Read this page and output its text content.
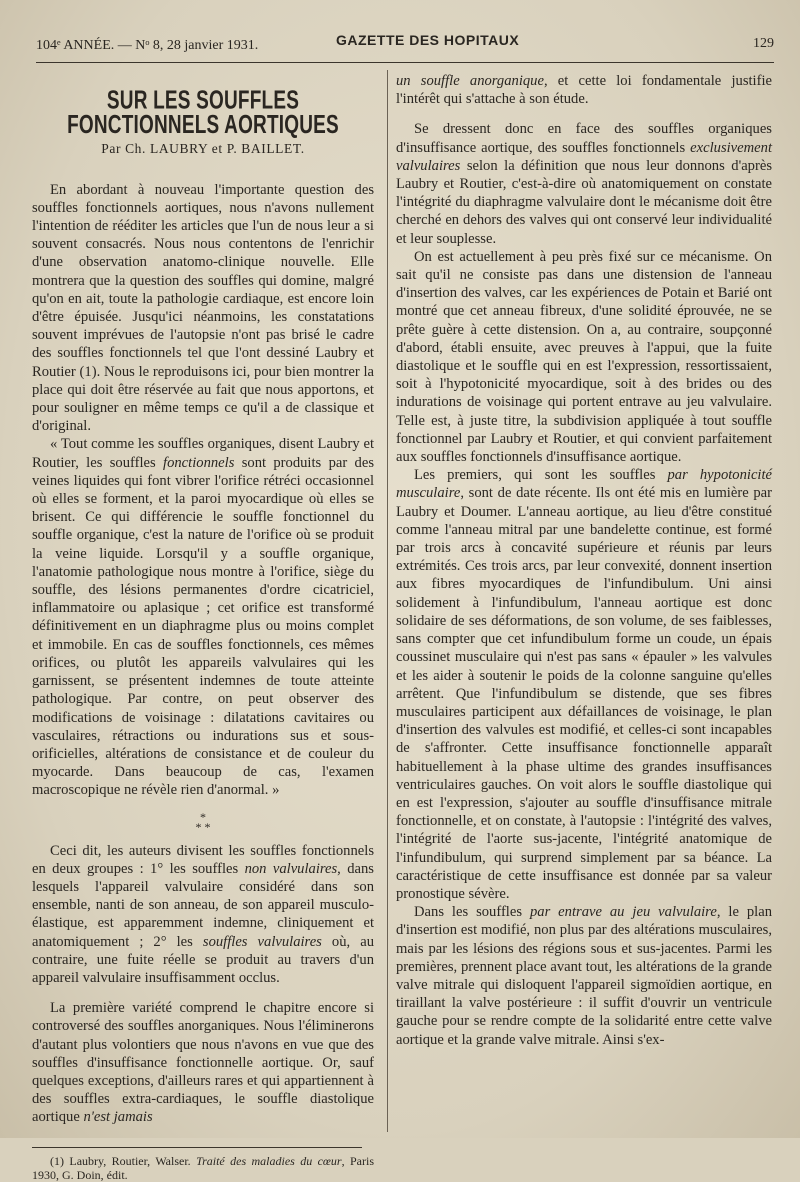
104ᵉ ANNÉE. — Nᵒ 8, 28 janvier 1931.	GAZETTE DES HOPITAUX	129
SUR LES SOUFFLES FONCTIONNELS AORTIQUES
Par Ch. LAUBRY et P. BAILLET.

En abordant à nouveau l'importante question des souffles fonctionnels aortiques, nous n'avons nullement l'intention de rééditer les articles que l'un de nous leur a si souvent consacrés. Nous nous contentons de l'enrichir d'une observation anatomo-clinique nouvelle. Elle montrera que la question des souffles qui domine, malgré qu'on en ait, toute la pathologie cardiaque, est encore loin d'être épuisée. Jusqu'ici néanmoins, les constatations souvent imprévues de l'autopsie n'ont pas brisé le cadre des souffles fonctionnels tel que l'ont dessiné Laubry et Routier (1). Nous le reproduisons ici, pour bien montrer la place qui doit être réservée au fait que nous apportons, et pour souligner en même temps ce qu'il a de classique et d'original.

« Tout comme les souffles organiques, disent Laubry et Routier, les souffles fonctionnels sont produits par des veines liquides qui font vibrer l'orifice rétréci occasionnel où elles se forment, et la paroi myocardique où elles se brisent. Ce qui différencie le souffle fonctionnel du souffle organique, c'est la nature de l'orifice où se produit la veine liquide. Lorsqu'il y a souffle organique, l'anatomie pathologique nous montre à l'orifice, siège du souffle, des lésions permanentes d'ordre cicatriciel, inflammatoire ou aplasique ; cet orifice est transformé définitivement en un diaphragme plus ou moins complet et immobile. En cas de souffles fonctionnels, ces mêmes orifices, ou plutôt les appareils valvulaires qui les garnissent, se présentent indemnes de toute atteinte pathologique. Par contre, on peut observer des modifications de voisinage : dilatations cavitaires ou vasculaires, rétractions ou indurations sus et sous-orificielles, altérations de consistance et de couleur du myocarde. Dans beaucoup de cas, l'examen macroscopique ne révèle rien d'anormal. »

*
* *

Ceci dit, les auteurs divisent les souffles fonctionnels en deux groupes : 1° les souffles non valvulaires, dans lesquels l'appareil valvulaire considéré dans son ensemble, nanti de son anneau, de son appareil musculo-élastique, est apparemment indemne, cliniquement et anatomiquement ; 2° les souffles valvulaires où, au contraire, une fuite réelle se produit au travers d'un appareil valvulaire insuffisamment occlus.

La première variété comprend le chapitre encore si controversé des souffles anorganiques. Nous l'éliminerons d'autant plus volontiers que nous n'avons en vue que des souffles d'insuffisance fonctionnelle aortique. Or, sauf quelques exceptions, d'ailleurs rares et qui appartiennent à des souffles extra-cardiaques, le souffle diastolique aortique n'est jamais

(1) Laubry, Routier, Walser. Traité des maladies du cœur, Paris 1930, G. Doin, édit.

un souffle anorganique, et cette loi fondamentale justifie l'intérêt qui s'attache à son étude.

Se dressent donc en face des souffles organiques d'insuffisance aortique, des souffles fonctionnels exclusivement valvulaires selon la définition que nous leur donnons d'après Laubry et Routier, c'est-à-dire où anatomiquement on constate l'intégrité du diaphragme valvulaire dont le mécanisme doit être cherché en dehors des valves qui ont conservé leur individualité et leur souplesse.

On est actuellement à peu près fixé sur ce mécanisme. On sait qu'il ne consiste pas dans une distension de l'anneau d'insertion des valves, car les expériences de Potain et Barié ont montré que cet anneau fibreux, d'une solidité éprouvée, ne se prête guère à cette distension. On a, au contraire, soupçonné d'abord, établi ensuite, avec preuves à l'appui, que la fuite diastolique et le souffle qui en est l'expression, ressortissaient, soit à l'hypotonicité myocardique, soit à des brides ou des indurations de voisinage qui portent entrave au jeu valvulaire. Telle est, à juste titre, la subdivision appliquée à tout souffle fonctionnel par Laubry et Routier, et qui convient parfaitement aux souffles fonctionnels d'insuffisance aortique.

Les premiers, qui sont les souffles par hypotonicité musculaire, sont de date récente. Ils ont été mis en lumière par Laubry et Doumer. L'anneau aortique, au lieu d'être constitué comme l'anneau mitral par une bandelette continue, est formé par trois arcs à concavité supérieure et réunis par leurs extrémités. Ces trois arcs, par leur convexité, donnent insertion aux fibres myocardiques de l'infundibulum. Uni ainsi solidement à l'infundibulum, l'anneau aortique est donc solidaire de ses déformations, de son volume, de ses faiblesses, sans compter que cet infundibulum forme un coude, un épais coussinet musculaire qui n'est pas sans « épauler » les valvules et les aider à soutenir le poids de la colonne sanguine qu'elles arrêtent. Que l'infundibulum se distende, que ses fibres musculaires participent aux défaillances de voisinage, le plan d'insertion des valvules est modifié, et celles-ci sont incapables de s'affronter. Cette insuffisance fonctionnelle apparaît habituellement à la phase ultime des grandes insuffisances ventriculaires gauches. On voit alors le souffle diastolique qui en est l'expression, s'ajouter au souffle d'insuffisance mitrale fonctionnelle, et on constate, à l'autopsie : l'intégrité des valves, l'intégrité de l'aorte sus-jacente, l'intégrité anatomique de l'infundibulum, qui surprend simplement par sa béance. La caractéristique de cette insuffisance est donnée par sa valeur pronostique sévère.

Dans les souffles par entrave au jeu valvulaire, le plan d'insertion est modifié, non plus par des altérations musculaires, mais par les lésions des régions sous et sus-jacentes. Parmi les premières, prennent place avant tout, les altérations de la grande valve mitrale qui disloquent l'appareil sigmoïdien aortique, en tiraillant la valve postérieure : il suffit d'ouvrir un ventricule gauche pour se rendre compte de la solidarité entre cette valve aortique et la grande valve mitrale. Ainsi s'ex-
